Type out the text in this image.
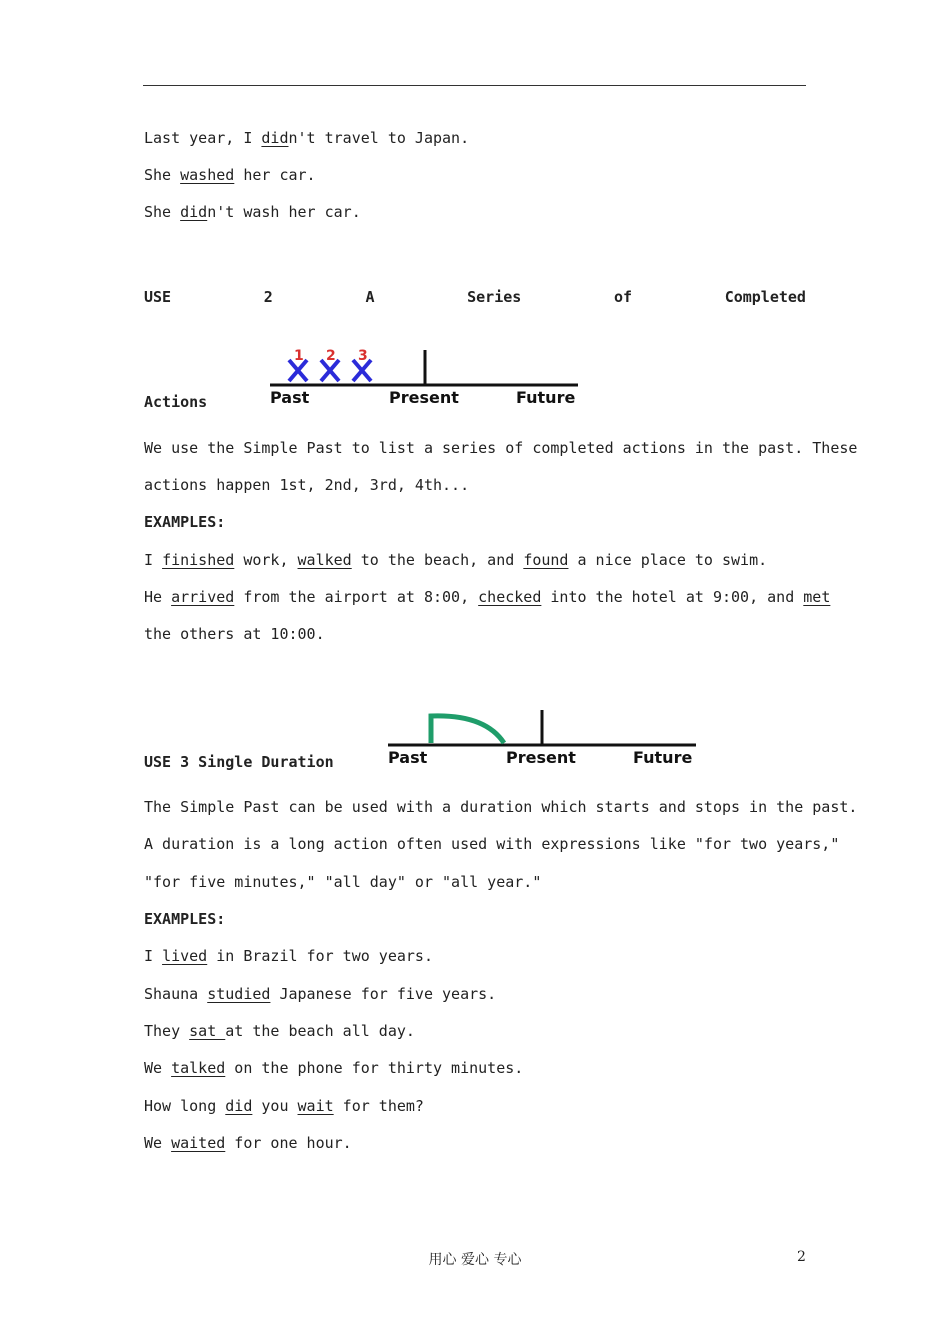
Last year, I didn't travel to Japan.
She washed her car.
She didn't wash her car.
USE	2	A	Series	of	Completed
Actions
1 2 3
Past	Present	Future
We use the Simple Past to list a series of completed actions in the past. These
actions happen 1st, 2nd, 3rd, 4th...
EXAMPLES:
I finished work, walked to the beach, and found a nice place to swim.
He arrived from the airport at 8:00, checked into the hotel at 9:00, and met
the others at 10:00.
USE 3 Single Duration	Past	Present	Future
The Simple Past can be used with a duration which starts and stops in the past.
A duration is a long action often used with expressions like "for two years,"
"for five minutes," "all day" or "all year."
EXAMPLES:
I lived in Brazil for two years.
Shauna studied Japanese for five years.
They sat at the beach all day.
We talked on the phone for thirty minutes.
How long did you wait for them?
We waited for one hour.
用心 爱心 专心	2
